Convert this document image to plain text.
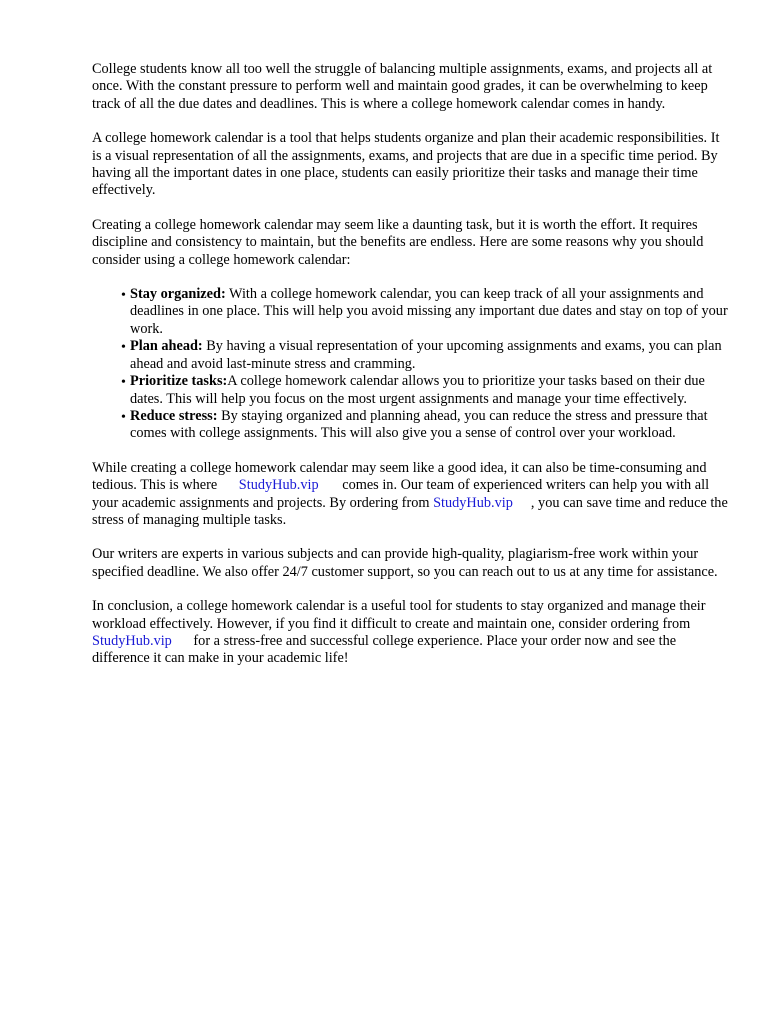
College students know all too well the struggle of balancing multiple assignments, exams, and projects all at once. With the constant pressure to perform well and maintain good grades, it can be overwhelming to keep track of all the due dates and deadlines. This is where a college homework calendar comes in handy.

A college homework calendar is a tool that helps students organize and plan their academic responsibilities. It is a visual representation of all the assignments, exams, and projects that are due in a specific time period. By having all the important dates in one place, students can easily prioritize their tasks and manage their time effectively.

Creating a college homework calendar may seem like a daunting task, but it is worth the effort. It requires discipline and consistency to maintain, but the benefits are endless. Here are some reasons why you should consider using a college homework calendar:

• Stay organized: With a college homework calendar, you can keep track of all your assignments and deadlines in one place. This will help you avoid missing any important due dates and stay on top of your work.
• Plan ahead: By having a visual representation of your upcoming assignments and exams, you can plan ahead and avoid last-minute stress and cramming.
• Prioritize tasks:A college homework calendar allows you to prioritize your tasks based on their due dates. This will help you focus on the most urgent assignments and manage your time effectively.
• Reduce stress: By staying organized and planning ahead, you can reduce the stress and pressure that comes with college assignments. This will also give you a sense of control over your workload.

While creating a college homework calendar may seem like a good idea, it can also be time-consuming and tedious. This is where StudyHub.vip comes in. Our team of experienced writers can help you with all your academic assignments and projects. By ordering from StudyHub.vip , you can save time and reduce the stress of managing multiple tasks.

Our writers are experts in various subjects and can provide high-quality, plagiarism-free work within your specified deadline. We also offer 24/7 customer support, so you can reach out to us at any time for assistance.

In conclusion, a college homework calendar is a useful tool for students to stay organized and manage their workload effectively. However, if you find it difficult to create and maintain one, consider ordering from StudyHub.vip for a stress-free and successful college experience. Place your order now and see the difference it can make in your academic life!
